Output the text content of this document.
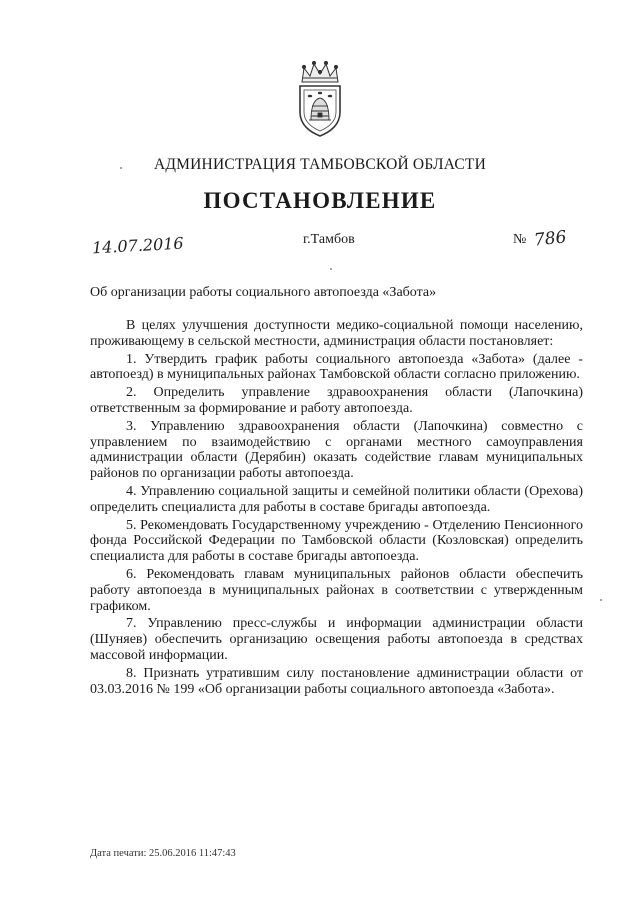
АДМИНИСТРАЦИЯ ТАМБОВСКОЙ ОБЛАСТИ
ПОСТАНОВЛЕНИЕ
14.07.2016	г.Тамбов	№ 786
Об организации работы социального автопоезда «Забота»

В целях улучшения доступности медико-социальной помощи населению, проживающему в сельской местности, администрация области постановляет:

1. Утвердить график работы социального автопоезда «Забота» (далее - автопоезд) в муниципальных районах Тамбовской области согласно приложению.

2. Определить управление здравоохранения области (Лапочкина) ответственным за формирование и работу автопоезда.

3. Управлению здравоохранения области (Лапочкина) совместно с управлением по взаимодействию с органами местного самоуправления администрации области (Дерябин) оказать содействие главам муниципальных районов по организации работы автопоезда.

4. Управлению социальной защиты и семейной политики области (Орехова) определить специалиста для работы в составе бригады автопоезда.

5. Рекомендовать Государственному учреждению - Отделению Пенсионного фонда Российской Федерации по Тамбовской области (Козловская) определить специалиста для работы в составе бригады автопоезда.

6. Рекомендовать главам муниципальных районов области обеспечить работу автопоезда в муниципальных районах в соответствии с утвержденным графиком.

7. Управлению пресс-службы и информации администрации области (Шуняев) обеспечить организацию освещения работы автопоезда в средствах массовой информации.

8. Признать утратившим силу постановление администрации области от 03.03.2016 № 199 «Об организации работы социального автопоезда «Забота».

Дата печати: 25.06.2016 11:47:43
